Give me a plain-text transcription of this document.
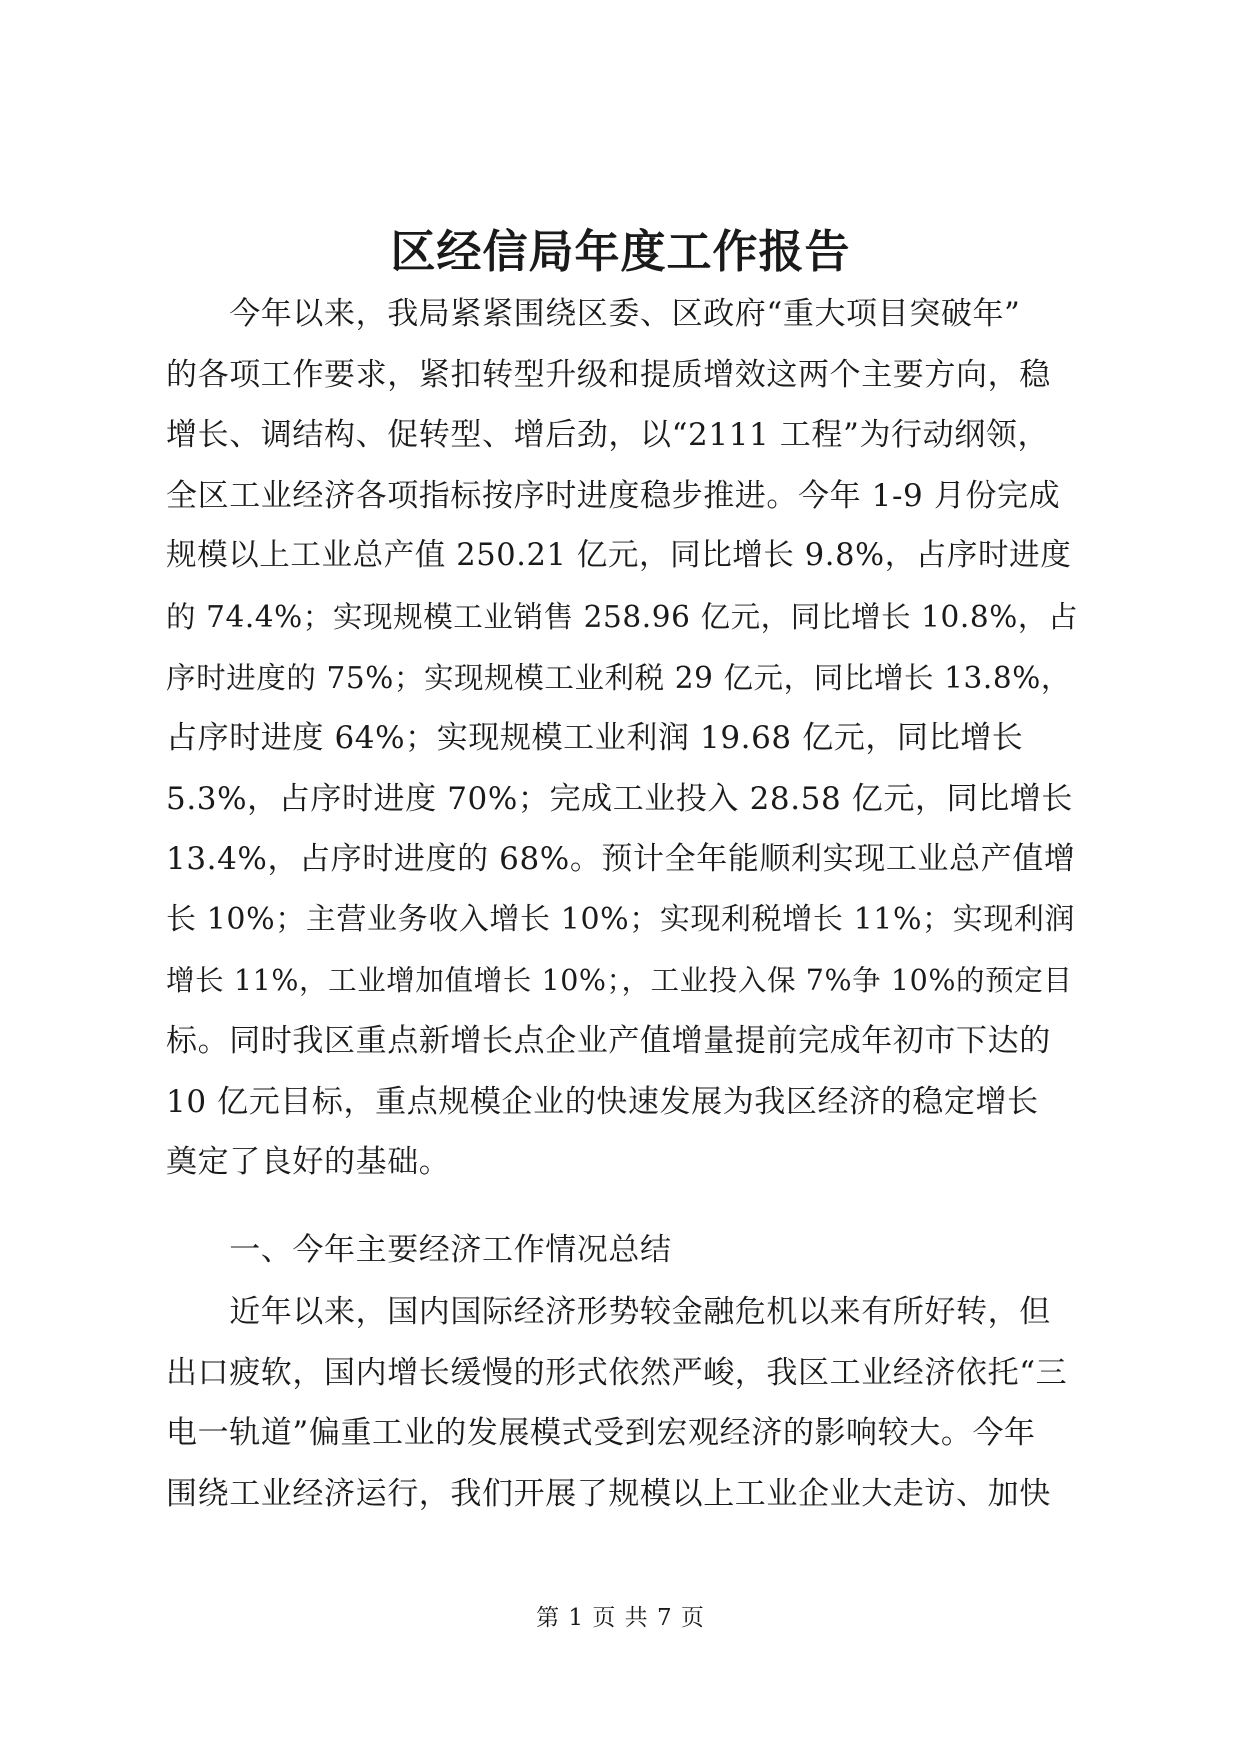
区经信局年度工作报告
　　今年以来，我局紧紧围绕区委、区政府“重大项目突破年”
的各项工作要求，紧扣转型升级和提质增效这两个主要方向，稳
增长、调结构、促转型、增后劲，以“2111 工程”为行动纲领，
全区工业经济各项指标按序时进度稳步推进。今年 1-9 月份完成
规模以上工业总产值 250.21 亿元，同比增长 9.8%，占序时进度
的 74.4%；实现规模工业销售 258.96 亿元，同比增长 10.8%，占
序时进度的 75%；实现规模工业利税 29 亿元，同比增长 13.8%，
占序时进度 64%；实现规模工业利润 19.68 亿元，同比增长
5.3%，占序时进度 70%；完成工业投入 28.58 亿元，同比增长
13.4%，占序时进度的 68%。预计全年能顺利实现工业总产值增
长 10%；主营业务收入增长 10%；实现利税增长 11%；实现利润
增长 11%，工业增加值增长 10%；，工业投入保 7%争 10%的预定目
标。同时我区重点新增长点企业产值增量提前完成年初市下达的
10 亿元目标，重点规模企业的快速发展为我区经济的稳定增长
奠定了良好的基础。
　　一、今年主要经济工作情况总结
　　近年以来，国内国际经济形势较金融危机以来有所好转，但
出口疲软，国内增长缓慢的形式依然严峻，我区工业经济依托“三
电一轨道”偏重工业的发展模式受到宏观经济的影响较大。今年
围绕工业经济运行，我们开展了规模以上工业企业大走访、加快
第 1 页 共 7 页
